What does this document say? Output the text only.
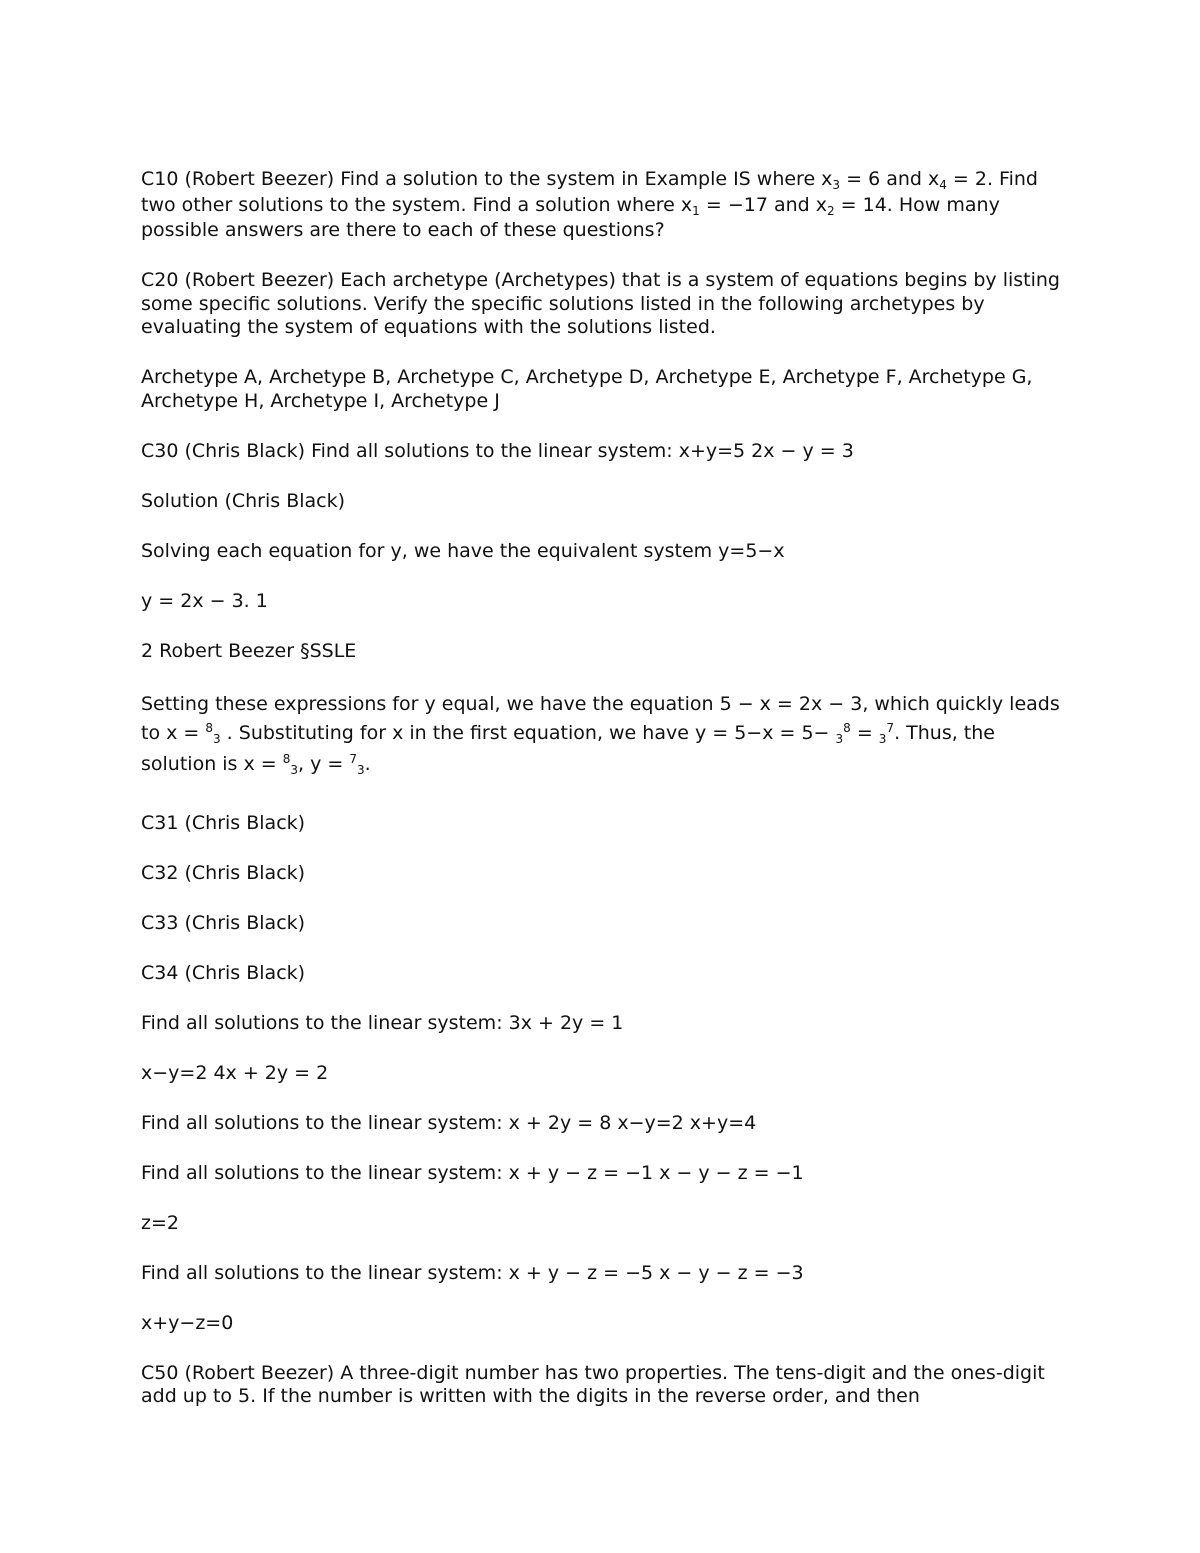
C10 (Robert Beezer) Find a solution to the system in Example IS where $x_3 = 6$ and $x_4 = 2$. Find two other solutions to the system. Find a solution where $x_1 = -17$ and $x_2 = 14$. How many possible answers are there to each of these questions?

C20 (Robert Beezer) Each archetype (Archetypes) that is a system of equations begins by listing some specific solutions. Verify the specific solutions listed in the following archetypes by evaluating the system of equations with the solutions listed.

Archetype A, Archetype B, Archetype C, Archetype D, Archetype E, Archetype F, Archetype G, Archetype H, Archetype I, Archetype J

C30 (Chris Black) Find all solutions to the linear system: x+y=5 2x − y = 3

Solution (Chris Black)

Solving each equation for y, we have the equivalent system y=5−x

y = 2x − 3. 1

2 Robert Beezer §SSLE

Setting these expressions for y equal, we have the equation 5 − x = 2x − 3, which quickly leads to x = $^8_3$ . Substituting for x in the first equation, we have y = 5−x = 5− $_3^8$ = $_3^7$. Thus, the solution is x = $^8_3$, y = $^7_3$.

C31 (Chris Black)

C32 (Chris Black)

C33 (Chris Black)

C34 (Chris Black)

Find all solutions to the linear system: 3x + 2y = 1

x−y=2 4x + 2y = 2

Find all solutions to the linear system: x + 2y = 8 x−y=2 x+y=4

Find all solutions to the linear system: x + y − z = −1 x − y − z = −1

z=2

Find all solutions to the linear system: x + y − z = −5 x − y − z = −3

x+y−z=0

C50 (Robert Beezer) A three-digit number has two properties. The tens-digit and the ones-digit add up to 5. If the number is written with the digits in the reverse order, and then
